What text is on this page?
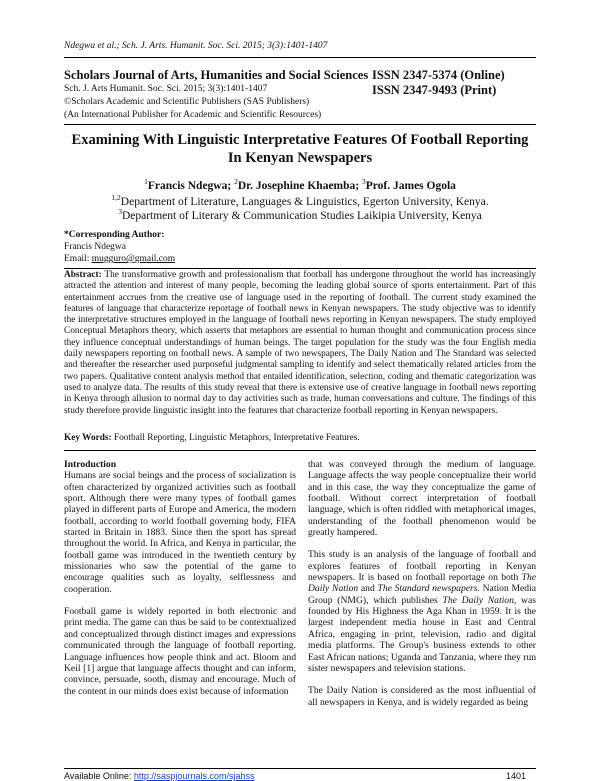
Ndegwa et al.; Sch. J. Arts. Humanit. Soc. Sci. 2015; 3(3):1401-1407
Scholars Journal of Arts, Humanities and Social Sciences ISSN 2347-5374 (Online)
Sch. J. Arts Humanit. Soc. Sci. 2015; 3(3):1401-1407	ISSN 2347-9493 (Print)
©Scholars Academic and Scientific Publishers (SAS Publishers)
(An International Publisher for Academic and Scientific Resources)
Examining With Linguistic Interpretative Features Of Football Reporting In Kenyan Newspapers
$^1$Francis Ndegwa; $^2$Dr. Josephine Khaemba; $^3$Prof. James Ogola
$^{1,2}$Department of Literature, Languages & Linguistics, Egerton University, Kenya.
$^3$Department of Literary & Communication Studies Laikipia University, Kenya
*Corresponding Author:
Francis Ndegwa
Email: mugguro@gmail.com
Abstract: The transformative growth and professionalism that football has undergone throughout the world has increasingly attracted the attention and interest of many people, becoming the leading global source of sports entertainment. Part of this entertainment accrues from the creative use of language used in the reporting of football. The current study examined the features of language that characterize reportage of football news in Kenyan newspapers. The study objective was to identify the interpretative structures employed in the language of football news reporting in Kenyan newspapers. The study employed Conceptual Metaphors theory, which asserts that metaphors are essential to human thought and communication process since they influence conceptual understandings of human beings. The target population for the study was the four English media daily newspapers reporting on football news. A sample of two newspapers, The Daily Nation and The Standard was selected and thereafter the researcher used purposeful judgmental sampling to identify and select thematically related articles from the two papers. Qualitative content analysis method that entailed identification, selection, coding and thematic categorization was used to analyze data. The results of this study reveal that there is extensive use of creative language in football news reporting in Kenya through allusion to normal day to day activities such as trade, human conversations and culture. The findings of this study therefore provide linguistic insight into the features that characterize football reporting in Kenyan newspapers.
Key Words: Football Reporting, Linguistic Metaphors, Interpretative Features.

Introduction

Humans are social beings and the process of socialization is often characterized by organized activities such as football sport. Although there were many types of football games played in different parts of Europe and America, the modern football, according to world football governing body, FIFA started in Britain in 1883. Since then the sport has spread throughout the world. In Africa, and Kenya in particular, the football game was introduced in the twentieth century by missionaries who saw the potential of the game to encourage qualities such as loyalty, selflessness and cooperation.

Football game is widely reported in both electronic and print media. The game can thus be said to be contextualized and conceptualized through distinct images and expressions communicated through the language of football reporting. Language influences how people think and act. Bloom and Keil [1] argue that language affects thought and can inform, convince, persuade, sooth, dismay and encourage. Much of the content in our minds does exist because of information

that was conveyed through the medium of language. Language affects the way people conceptualize their world and in this case, the way they conceptualize the game of football. Without correct interpretation of football language, which is often riddled with metaphorical images, understanding of the football phenomenon would be greatly hampered.

This study is an analysis of the language of football and explores features of football reporting in Kenyan newspapers. It is based on football reportage on both The Daily Nation and The Standard newspapers. Nation Media Group (NMG), which publishes The Daily Nation, was founded by His Highness the Aga Khan in 1959. It is the largest independent media house in East and Central Africa, engaging in print, television, radio and digital media platforms. The Group's business extends to other East African nations; Uganda and Tanzania, where they run sister newspapers and television stations.

The Daily Nation is considered as the most influential of all newspapers in Kenya, and is widely regarded as being

Available Online: http://saspjournals.com/sjahss	1401
